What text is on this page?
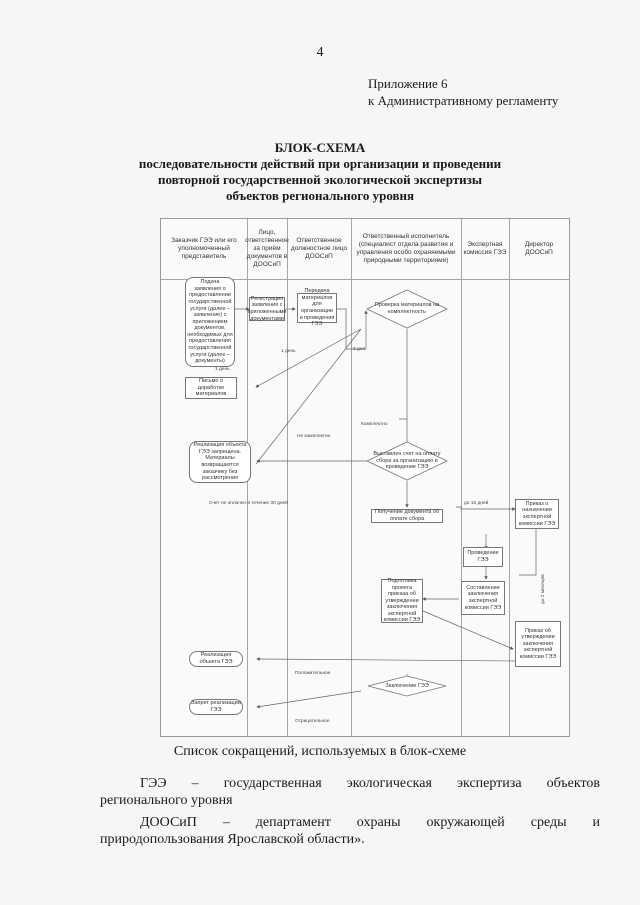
4
Приложение 6
к Административному регламенту
БЛОК-СХЕМА
последовательности действий при организации и проведении
повторной государственной экологической экспертизы
объектов регионального уровня
Заказчик ГЭЭ или его уполномоченный представитель
Лицо, ответственное за приём документов в ДООСиП
Ответственное должностное лицо ДООСиП
Ответственный исполнитель (специалист отдела развития и управления особо охраняемыми природными территориями)
Экспертная комиссия ГЭЭ
Директор ДООСиП
Подача заявления о предоставлении государственной услуги (далее – заявление) с приложением документов, необходимых для предоставления государственной услуги (далее – документы)
Регистрация заявления с приложенными документами
Передача материалов для организации и проведения ГЭЭ
Проверка материалов на комплектность
Письмо о доработке материалов
Реализация объекта ГЭЭ запрещена. Материалы возвращаются заказчику без рассмотрения
Выставлен счет на оплату сбора за организацию и проведение ГЭЭ
Получение документа об оплате сбора
Приказ о назначении экспертной комиссии ГЭЭ
Проведение ГЭЭ
Подготовка проекта приказа об утверждении заключения экспертной комиссии ГЭЭ
Составление заключения экспертной комиссии ГЭЭ
Приказ об утверждении заключения экспертной комиссии ГЭЭ
Реализация объекта ГЭЭ
Заключение ГЭЭ
Запрет реализации ГЭЭ
1 день
1 день	2 дня
Комплектно
Не комплектно
Счет не оплачен в течение 30 дней	до 15 дней
до 2 месяцев
Положительное
Отрицательное
Список сокращений, используемых в блок-схеме
ГЭЭ – государственная экологическая экспертиза объектов
регионального уровня
ДООСиП – департамент охраны окружающей среды и
природопользования Ярославской области».
